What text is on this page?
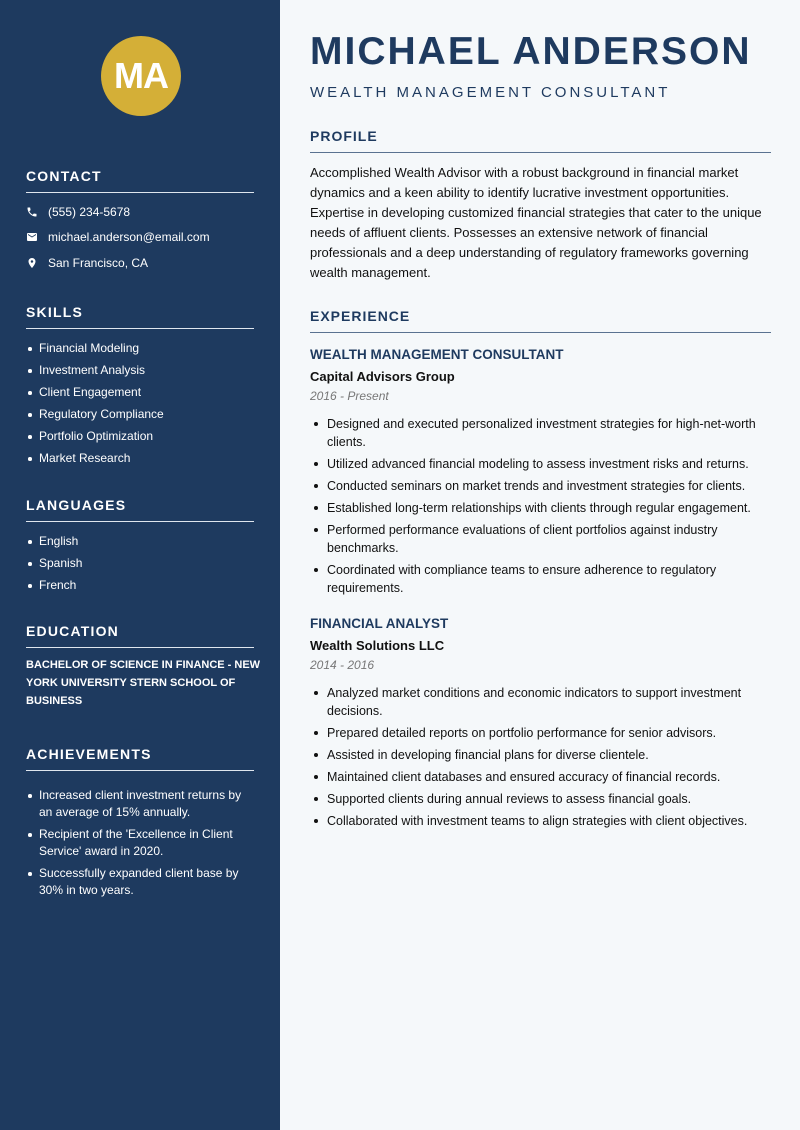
MA
CONTACT
(555) 234-5678
michael.anderson@email.com
San Francisco, CA
SKILLS
Financial Modeling
Investment Analysis
Client Engagement
Regulatory Compliance
Portfolio Optimization
Market Research
LANGUAGES
English
Spanish
French
EDUCATION
BACHELOR OF SCIENCE IN FINANCE - NEW YORK UNIVERSITY STERN SCHOOL OF BUSINESS
ACHIEVEMENTS
Increased client investment returns by an average of 15% annually.
Recipient of the 'Excellence in Client Service' award in 2020.
Successfully expanded client base by 30% in two years.
MICHAEL ANDERSON
WEALTH MANAGEMENT CONSULTANT
PROFILE
Accomplished Wealth Advisor with a robust background in financial market dynamics and a keen ability to identify lucrative investment opportunities. Expertise in developing customized financial strategies that cater to the unique needs of affluent clients. Possesses an extensive network of financial professionals and a deep understanding of regulatory frameworks governing wealth management.
EXPERIENCE
WEALTH MANAGEMENT CONSULTANT
Capital Advisors Group
2016 - Present
Designed and executed personalized investment strategies for high-net-worth clients.
Utilized advanced financial modeling to assess investment risks and returns.
Conducted seminars on market trends and investment strategies for clients.
Established long-term relationships with clients through regular engagement.
Performed performance evaluations of client portfolios against industry benchmarks.
Coordinated with compliance teams to ensure adherence to regulatory requirements.
FINANCIAL ANALYST
Wealth Solutions LLC
2014 - 2016
Analyzed market conditions and economic indicators to support investment decisions.
Prepared detailed reports on portfolio performance for senior advisors.
Assisted in developing financial plans for diverse clientele.
Maintained client databases and ensured accuracy of financial records.
Supported clients during annual reviews to assess financial goals.
Collaborated with investment teams to align strategies with client objectives.
